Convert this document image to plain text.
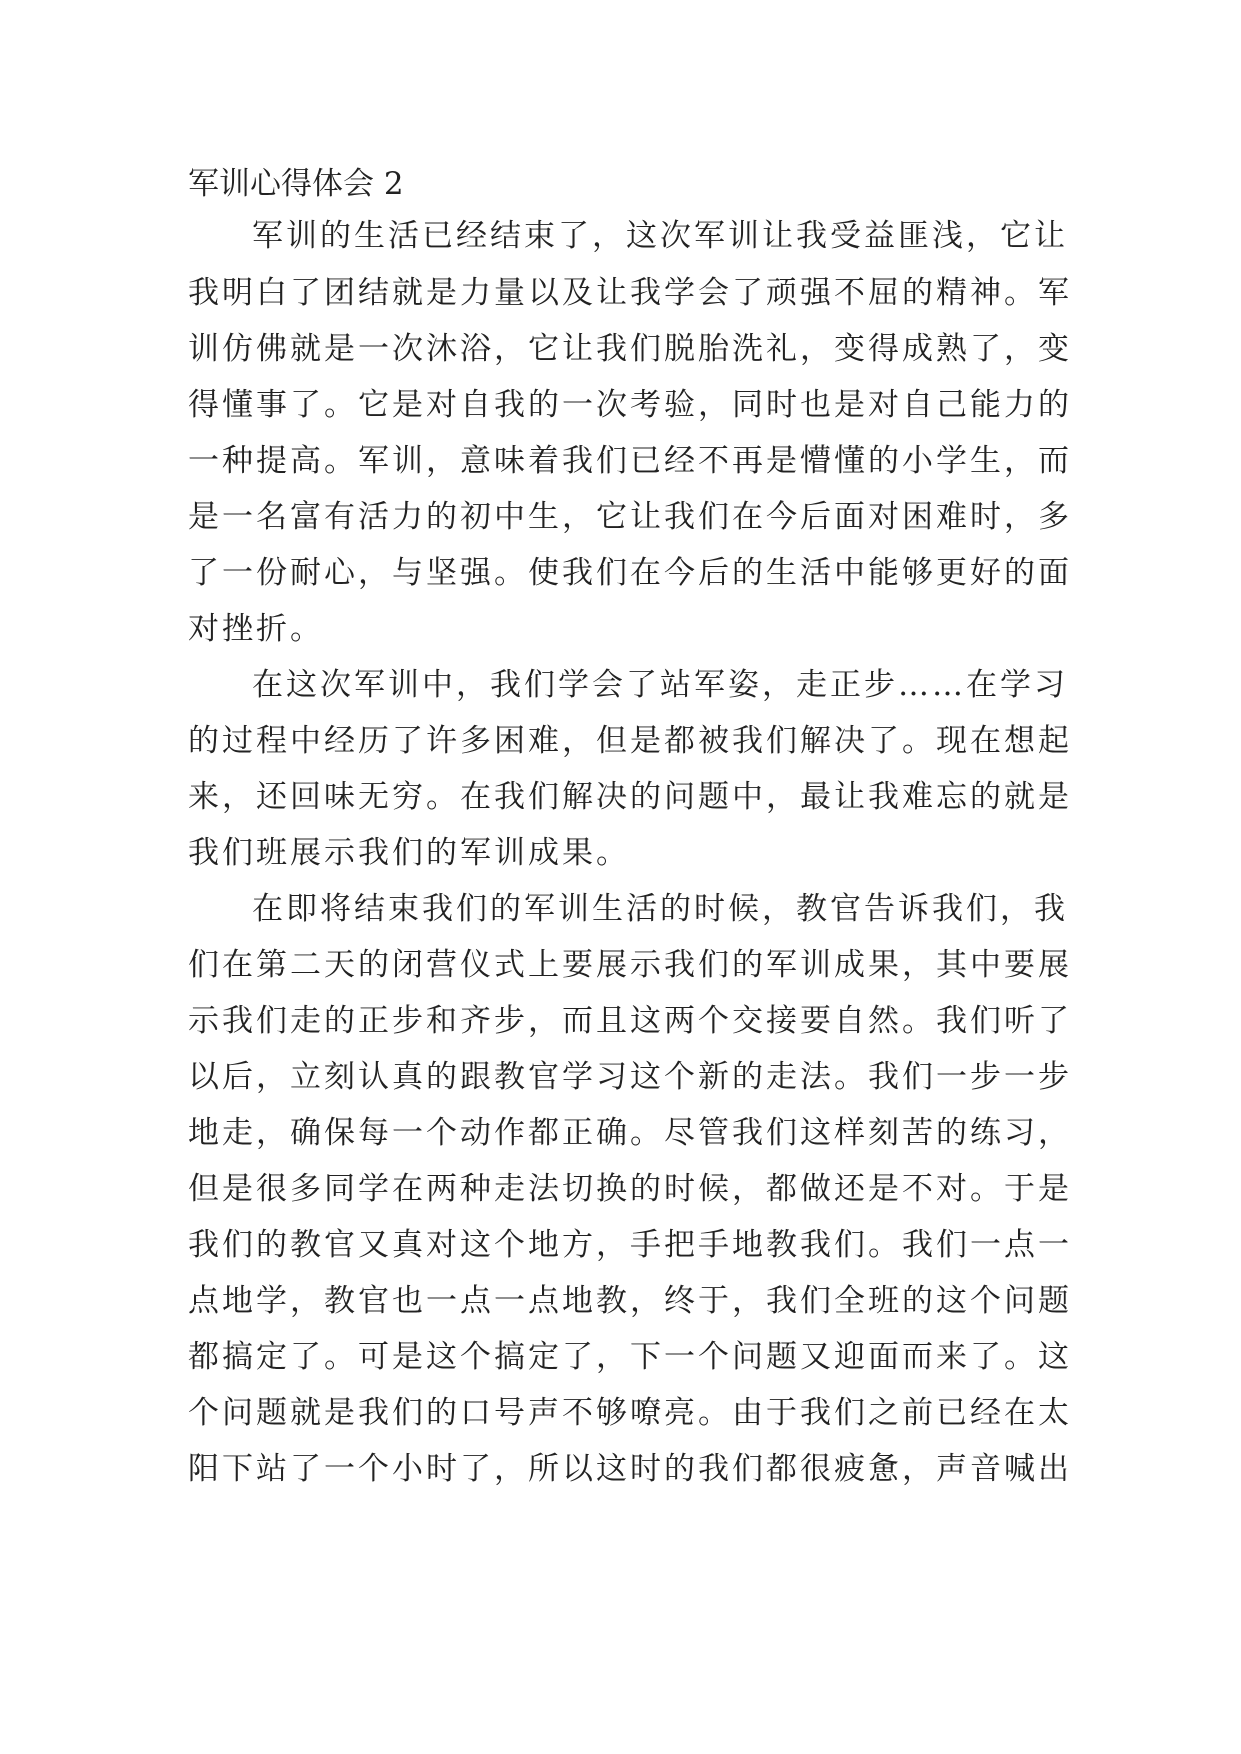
军训心得体会 2
军训的生活已经结束了，这次军训让我受益匪浅，它让
我明白了团结就是力量以及让我学会了顽强不屈的精神。军
训仿佛就是一次沐浴，它让我们脱胎洗礼，变得成熟了，变
得懂事了。它是对自我的一次考验，同时也是对自己能力的
一种提高。军训，意味着我们已经不再是懵懂的小学生，而
是一名富有活力的初中生，它让我们在今后面对困难时，多
了一份耐心，与坚强。使我们在今后的生活中能够更好的面
对挫折。
在这次军训中，我们学会了站军姿，走正步……在学习
的过程中经历了许多困难，但是都被我们解决了。现在想起
来，还回味无穷。在我们解决的问题中，最让我难忘的就是
我们班展示我们的军训成果。
在即将结束我们的军训生活的时候，教官告诉我们，我
们在第二天的闭营仪式上要展示我们的军训成果，其中要展
示我们走的正步和齐步，而且这两个交接要自然。我们听了
以后，立刻认真的跟教官学习这个新的走法。我们一步一步
地走，确保每一个动作都正确。尽管我们这样刻苦的练习，
但是很多同学在两种走法切换的时候，都做还是不对。于是
我们的教官又真对这个地方，手把手地教我们。我们一点一
点地学，教官也一点一点地教，终于，我们全班的这个问题
都搞定了。可是这个搞定了，下一个问题又迎面而来了。这
个问题就是我们的口号声不够嘹亮。由于我们之前已经在太
阳下站了一个小时了，所以这时的我们都很疲惫，声音喊出
